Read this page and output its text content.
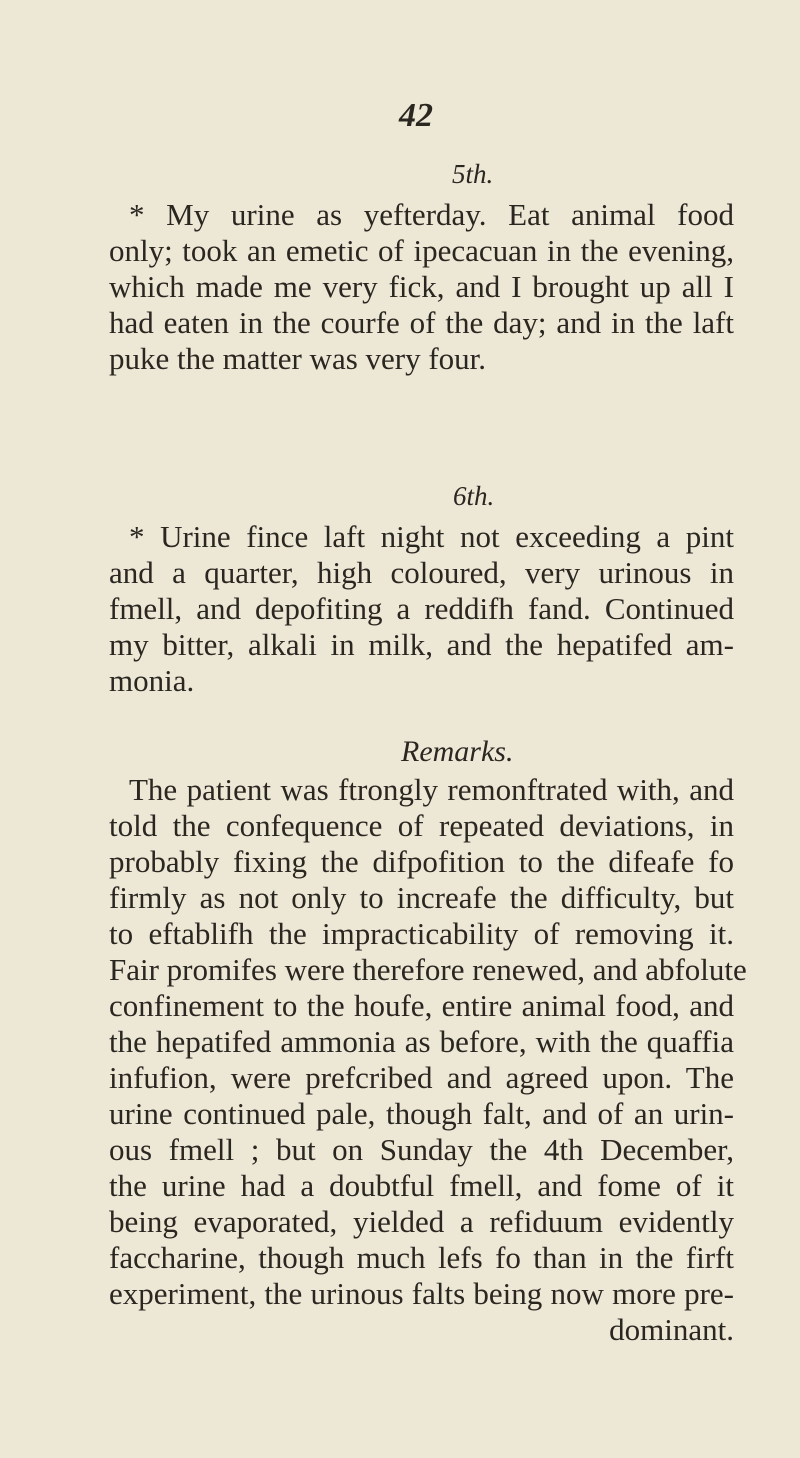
42
5th.
* My urine as yefterday. Eat animal food
only; took an emetic of ipecacuan in the evening,
which made me very fick, and I brought up all I
had eaten in the courfe of the day; and in the laft
puke the matter was very four.
6th.
* Urine fince laft night not exceeding a pint
and a quarter, high coloured, very urinous in
fmell, and depofiting a reddifh fand. Continued
my bitter, alkali in milk, and the hepatifed am-
monia.
Remarks.
The patient was ftrongly remonftrated with, and
told the confequence of repeated deviations, in
probably fixing the difpofition to the difeafe fo
firmly as not only to increafe the difficulty, but
to eftablifh the impracticability of removing it.
Fair promifes were therefore renewed, and abfolute
confinement to the houfe, entire animal food, and
the hepatifed ammonia as before, with the quaffia
infufion, were prefcribed and agreed upon. The
urine continued pale, though falt, and of an urin-
ous fmell ; but on Sunday the 4th December,
the urine had a doubtful fmell, and fome of it
being evaporated, yielded a refiduum evidently
faccharine, though much lefs fo than in the firft
experiment, the urinous falts being now more pre-
dominant.
